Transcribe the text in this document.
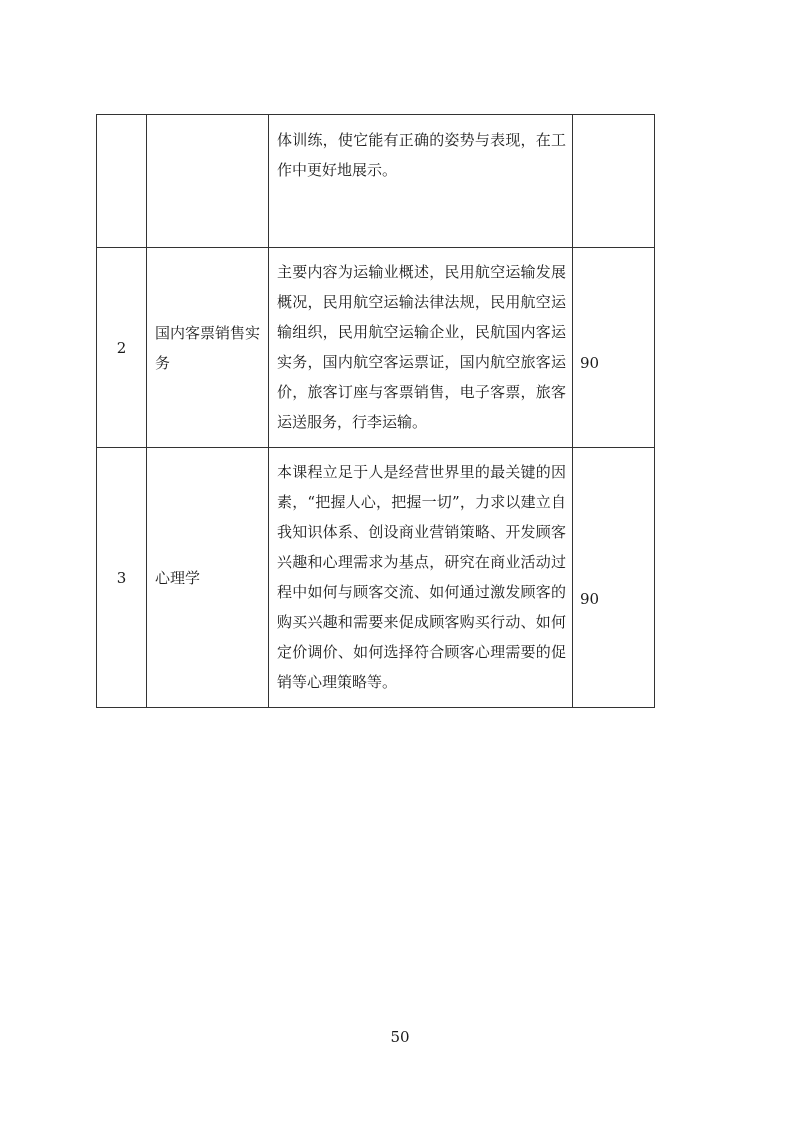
		体训练，使它能有正确的姿势与表现，在工作中更好地展示。	

2	国内客票销售实务	主要内容为运输业概述，民用航空运输发展概况，民用航空运输法律法规，民用航空运输组织，民用航空运输企业，民航国内客运实务，国内航空客运票证，国内航空旅客运价，旅客订座与客票销售，电子客票，旅客运送服务，行李运输。	90

3	心理学	本课程立足于人是经营世界里的最关键的因素，“把握人心，把握一切”，力求以建立自我知识体系、创设商业营销策略、开发顾客兴趣和心理需求为基点，研究在商业活动过程中如何与顾客交流、如何通过激发顾客的购买兴趣和需要来促成顾客购买行动、如何定价调价、如何选择符合顾客心理需要的促销等心理策略等。	90
50
